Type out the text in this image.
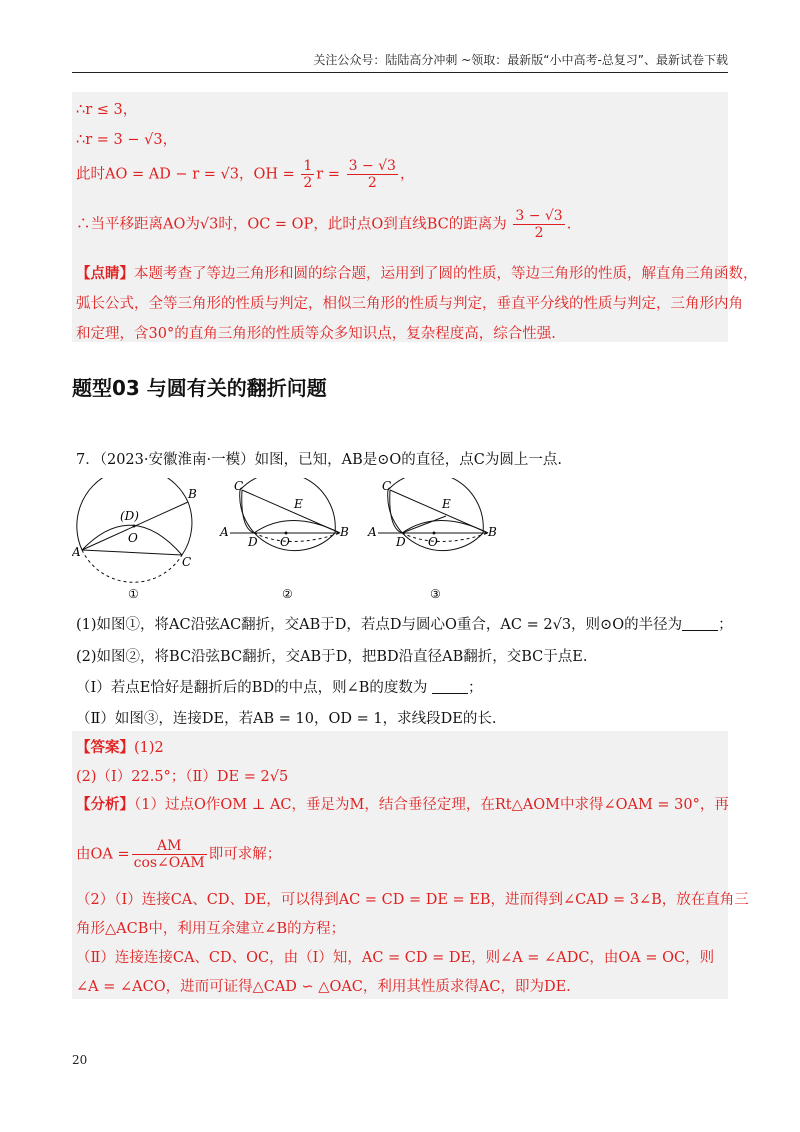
关注公众号：陆陆高分冲刺 ~领取：最新版“小中高考-总复习”、最新试卷下载
∴r ≤ 3，
∴r = 3 − √3，
此时AO = AD − r = √3，OH = $\frac{1}{2}$ $r = \frac{3 - √3}{2}$ ，
∴当平移距离AO为√3时，OC = OP，此时点O到直线BC的距离为 $\frac{3 - √3}{2}$ .
【点睛】本题考查了等边三角形和圆的综合题，运用到了圆的性质，等边三角形的性质，解直角三角函数，
弧长公式，全等三角形的性质与判定，相似三角形的性质与判定，垂直平分线的性质与判定，三角形内角
和定理，含30°的直角三角形的性质等众多知识点，复杂程度高，综合性强.
题型03 与圆有关的翻折问题
7．（2023·安徽淮南·一模）如图，已知，AB是⊙O的直径，点C为圆上一点.
A
B
C
(D)
O
①
A
C
E
D O
B
②
A
C
E
D O
B
③
(1)如图①，将AC沿弦AC翻折，交AB于D，若点D与圆心O重合，AC = 2√3，则⊙O的半径为 ；
(2)如图②，将BC沿弦BC翻折，交AB于D，把BD沿直径AB翻折，交BC于点E.
（Ⅰ）若点E恰好是翻折后的BD的中点，则∠B的度数为	；
（Ⅱ）如图③，连接DE，若AB = 10，OD = 1，求线段DE的长.
【答案】(1)2
(2)（Ⅰ）22.5°；（Ⅱ）DE = 2√5
【分析】（1）过点O作OM ⊥ AC，垂足为M，结合垂径定理，在Rt△AOM中求得∠OAM = 30°，再
由OA = $\frac{AM}{\text{cos∠OAM}}$ 即可求解；
（2）（Ⅰ）连接CA、CD、DE，可以得到AC = CD = DE = EB，进而得到∠CAD = 3∠B，放在直角三
角形△ACB中，利用互余建立∠B的方程；
（Ⅱ）连接连接CA、CD、OC，由（Ⅰ）知，AC = CD = DE，则∠A = ∠ADC，由OA = OC，则
∠A = ∠ACO，进而可证得△CAD ∽ △OAC，利用其性质求得AC，即为DE.
20
